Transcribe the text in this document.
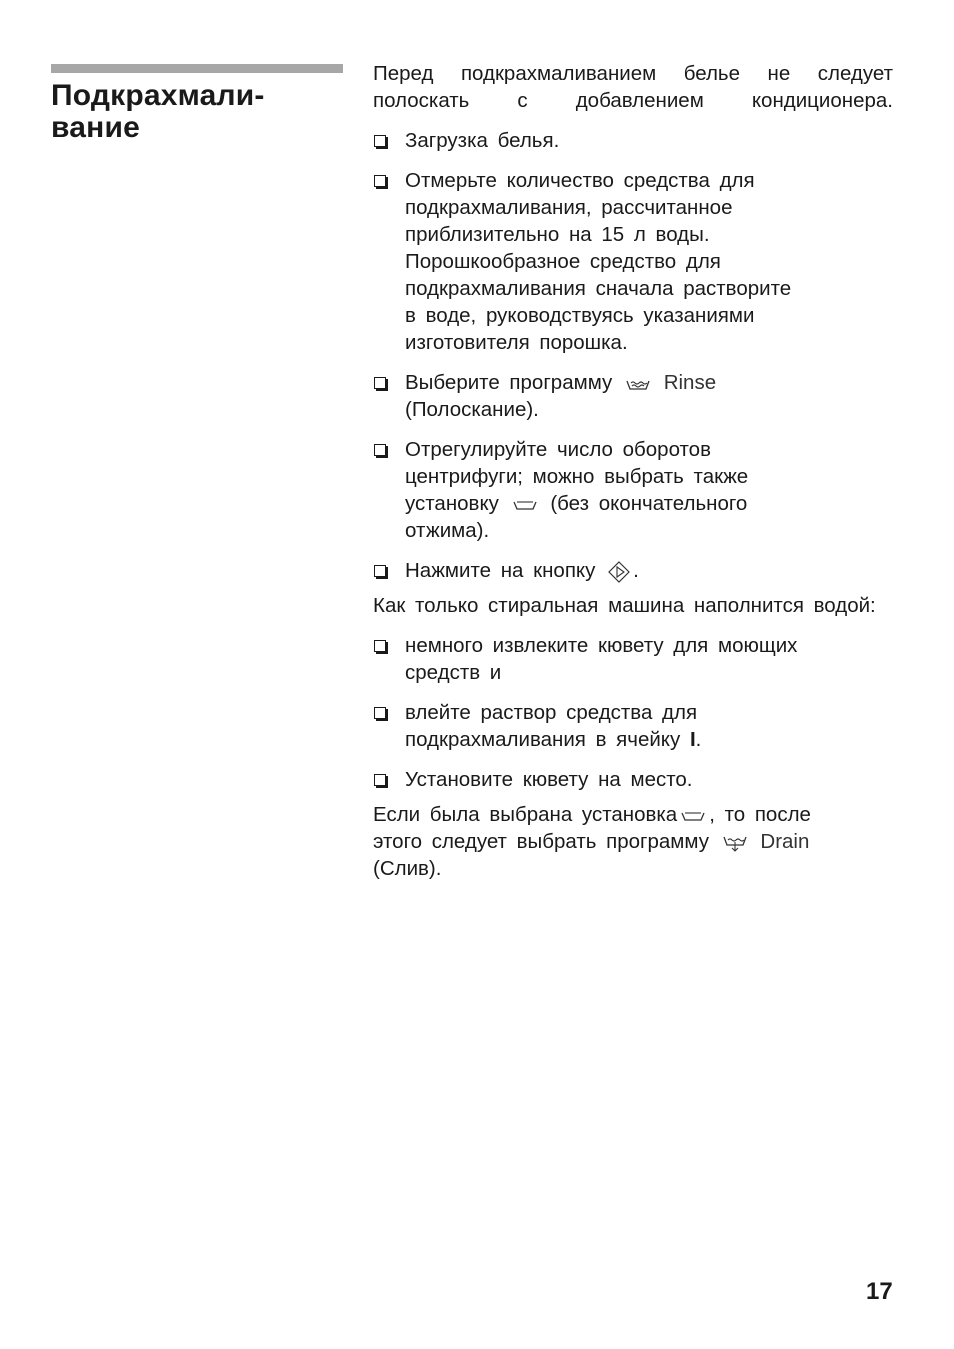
Подкрахмали-
вание

Перед подкрахмаливанием белье не следует полоскать с добавлением кондиционера.

Загрузка белья.
Отмерьте количество средства для
подкрахмаливания, рассчитанное
приблизительно на 15 л воды.
Порошкообразное средство для
подкрахмаливания сначала растворите
в воде, руководствуясь указаниями
изготовителя порошка.
Выберите программу	Rinse
(Полоскание).
Отрегулируйте число оборотов
центрифуги; можно выбрать также
установку	(без окончательного
отжима).
Нажмите на кнопку .

Как только стиральная машина наполнится водой:

немного извлеките кювету для моющих
средств и
влейте раствор средства для
подкрахмаливания в ячейку I.
Установите кювету на место.

Если была выбрана установка , то после
этого следует выбрать программу	Drain
(Слив).

17
